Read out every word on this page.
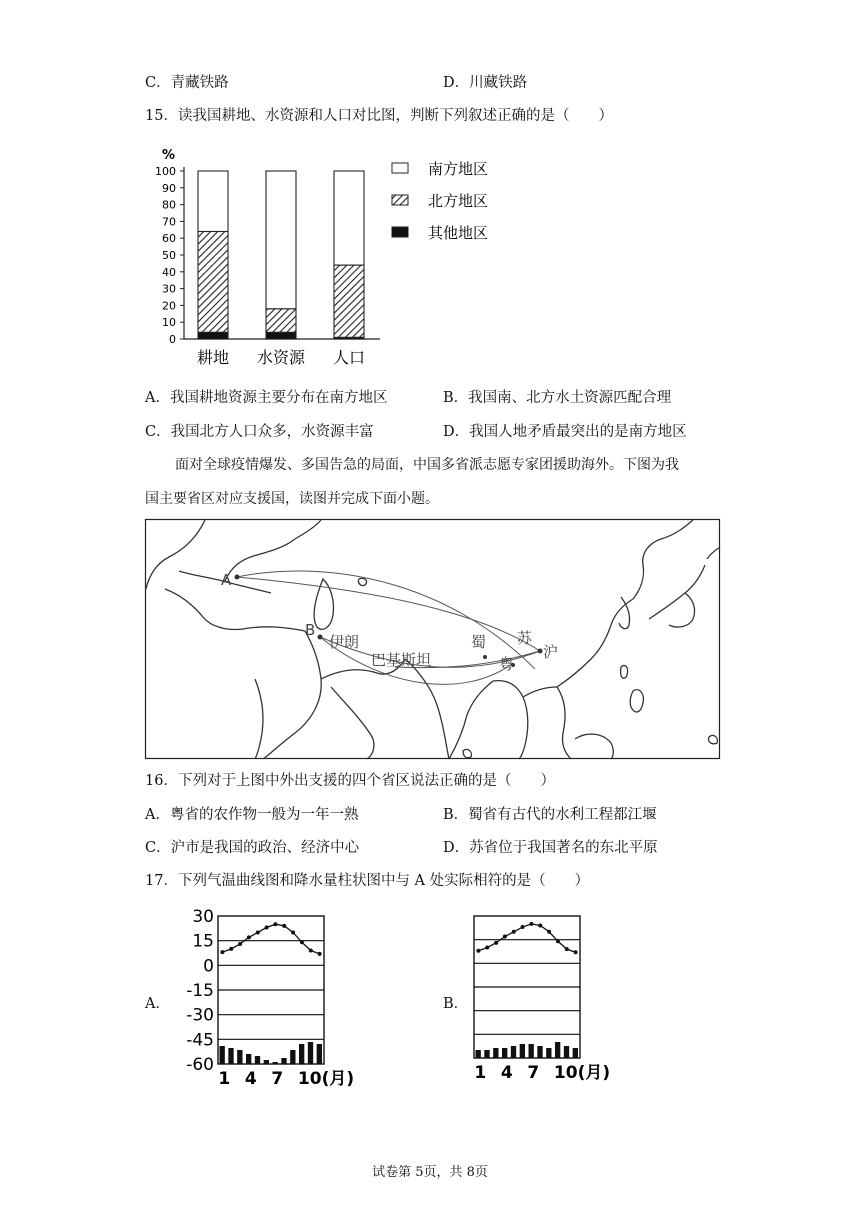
C．青藏铁路	D．川藏铁路
15．读我国耕地、水资源和人口对比图，判断下列叙述正确的是（　　）
%
0
10
20
30
40
50
60
70
80
90
100
耕地 水资源 人口
南方地区
北方地区
其他地区
A．我国耕地资源主要分布在南方地区	B．我国南、北方水土资源匹配合理
C．我国北方人口众多，水资源丰富	D．我国人地矛盾最突出的是南方地区
面对全球疫情爆发、多国告急的局面，中国多省派志愿专家团援助海外。下图为我
国主要省区对应支援国，读图并完成下面小题。
A
B
伊朗
巴基斯坦
蜀 苏
沪
粤
16．下列对于上图中外出支援的四个省区说法正确的是（　　）
A．粤省的农作物一般为一年一熟	B．蜀省有古代的水利工程都江堰
C．沪市是我国的政治、经济中心	D．苏省位于我国著名的东北平原
17．下列气温曲线图和降水量柱状图中与 A 处实际相符的是（　　）
A．
30
15
0
-15
-30
-45
-60
1 4 7 10(月)
B．
1 4 7 10(月)
试卷第 5页，共 8页
